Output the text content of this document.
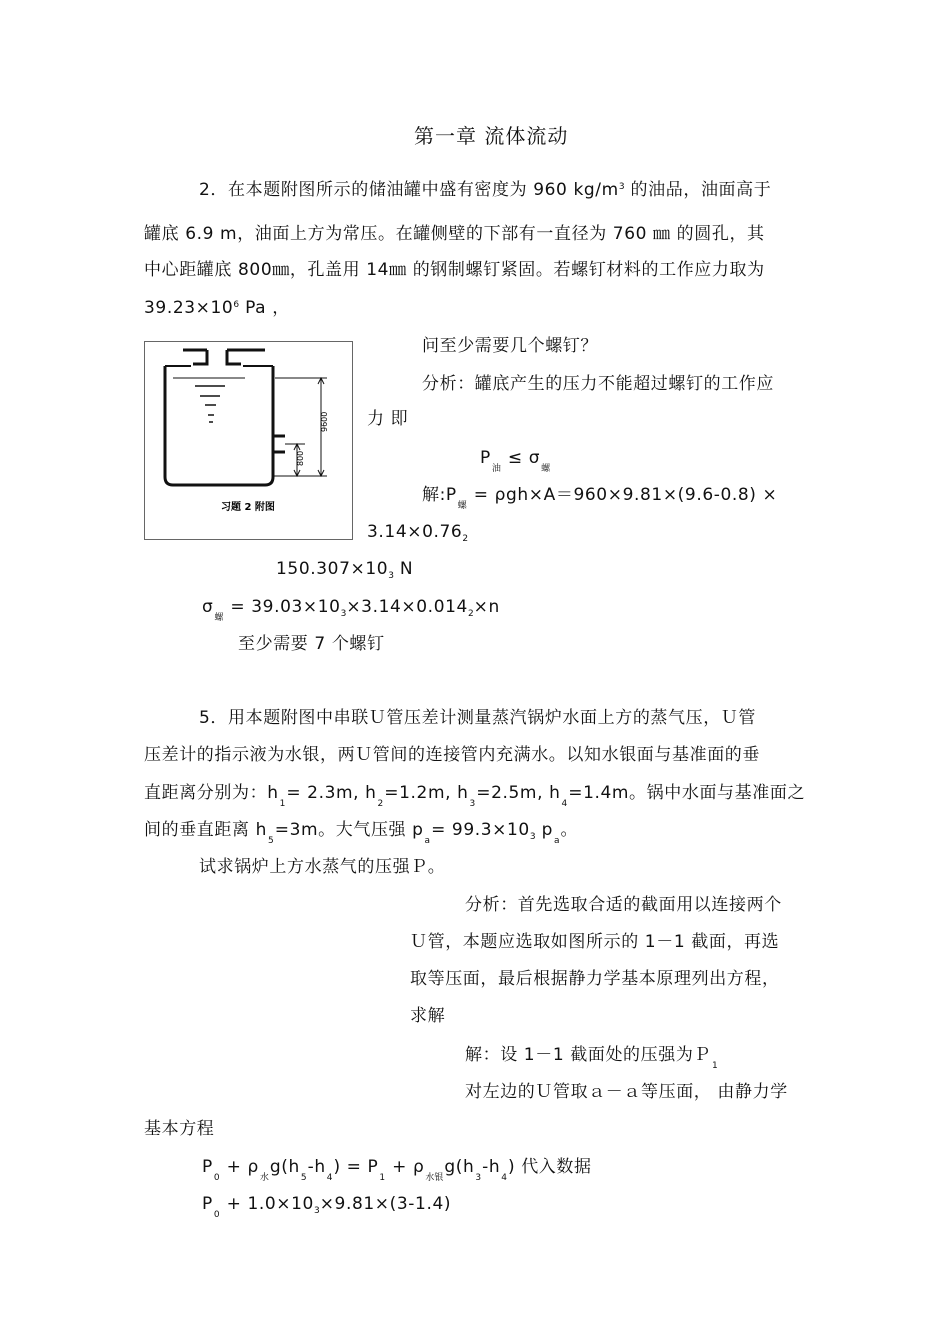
第一章 流体流动
2．在本题附图所示的储油罐中盛有密度为 960 $kg/m^3$ 的油品，油面高于
罐底 6.9 m，油面上方为常压。在罐侧壁的下部有一直径为 760 ㎜ 的圆孔，其
中心距罐底 800㎜，孔盖用 14㎜ 的钢制螺钉紧固。若螺钉材料的工作应力取为
$39.23\times 10^6$ Pa ，
9600
800
习题 2 附图
问至少需要几个螺钉？
分析：罐底产生的压力不能超过螺钉的工作应
力 即
$P_油 \le \sigma_螺$
解$:P_螺 = \rho gh\times A=960\times 9.81\times(9.6-0.8)$ ×
$3.14\times 0.76_2$
$150.307\times 10_3$ N
$\sigma_螺 = 39.03\times 10_3\times 3.14\times 0.014_2\times n$
至少需要 7 个螺钉
5．用本题附图中串联Ｕ管压差计测量蒸汽锅炉水面上方的蒸气压，Ｕ管
压差计的指示液为水银，两Ｕ管间的连接管内充满水。以知水银面与基准面的垂
直距离分别为：$h_1= 2.3m$, $h_2=1.2m$, $h_3=2.5m$, $h_4=1.4m$。锅中水面与基准面之
间的垂直距离 $h_5=3m$。大气压强 $p_a= 99.3\times 10_3$ $p_a$。
试求锅炉上方水蒸气的压强Ｐ。
分析：首先选取合适的截面用以连接两个
Ｕ管，本题应选取如图所示的 1－1 截面，再选
取等压面，最后根据静力学基本原理列出方程，
求解
解：设 1－1 截面处的压强为Ｐ$_1$
对左边的Ｕ管取ａ－ａ等压面， 由静力学
基本方程
$P_0 + \rho_水g(h_5-h_4) = P_1 + \rho_{水银}g(h_3-h_4)$ 代入数据
$P_0 + 1.0\times 10_3\times 9.81\times(3-1.4)$
